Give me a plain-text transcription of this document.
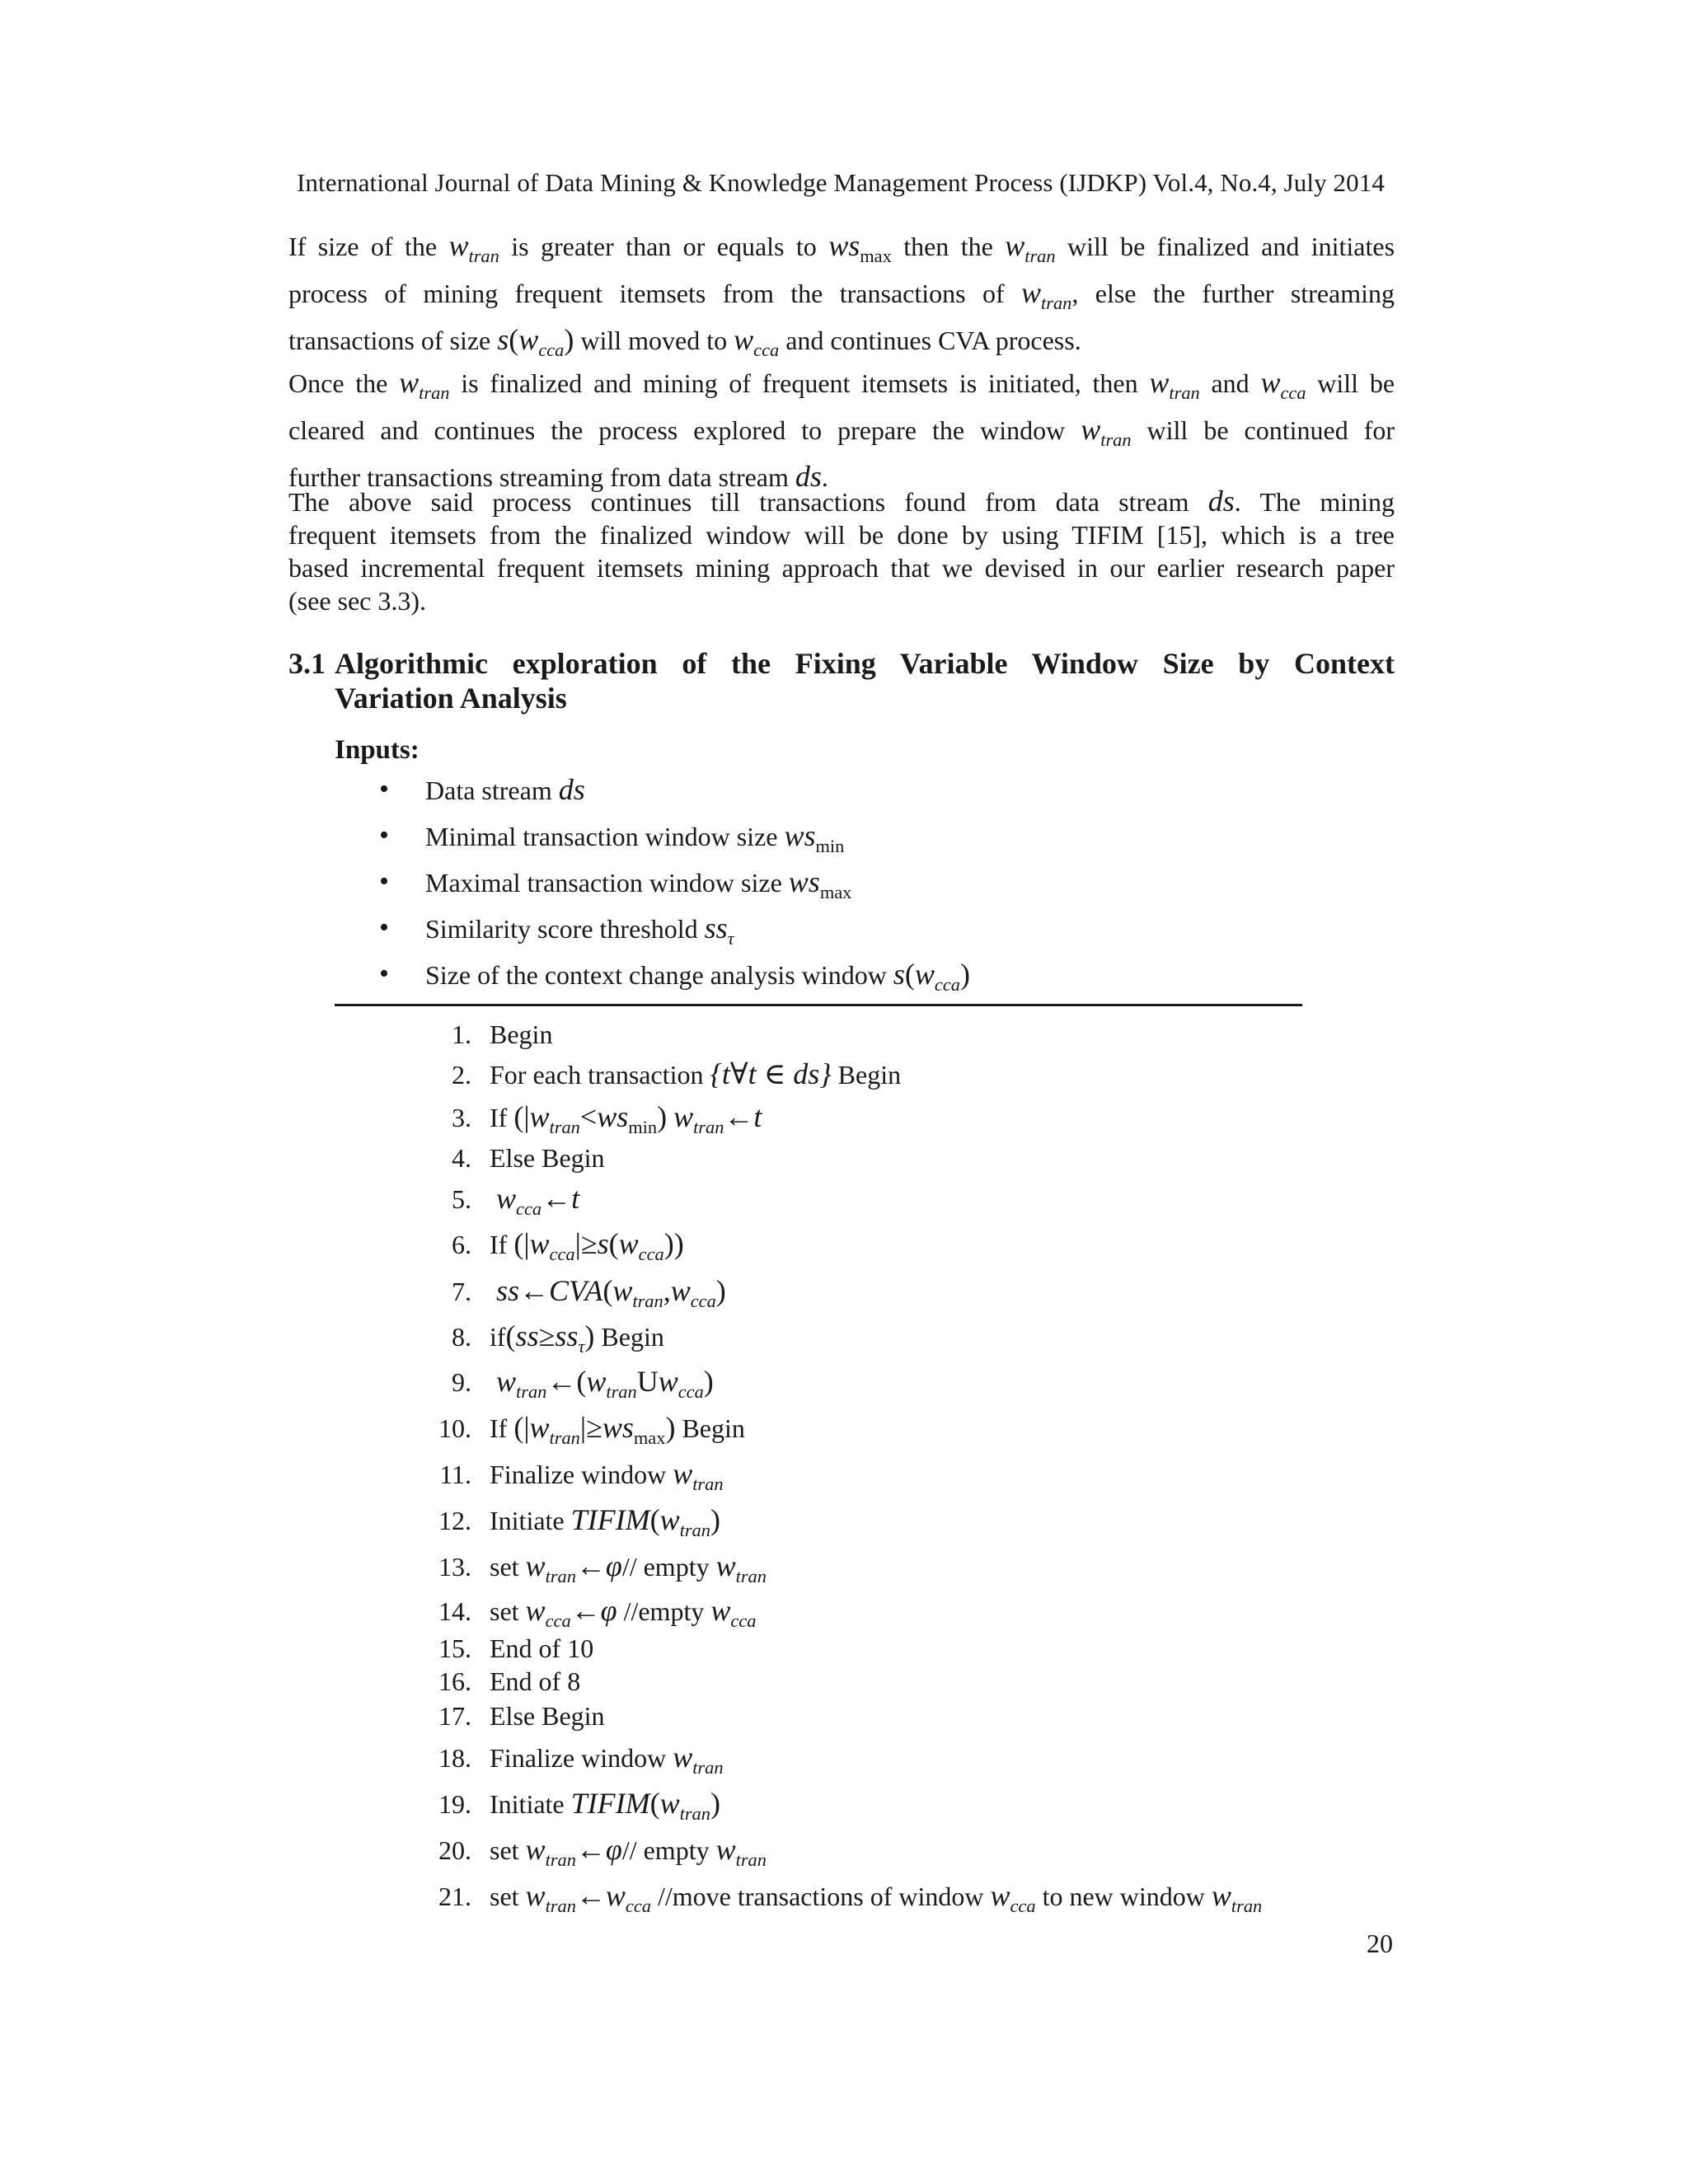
International Journal of Data Mining & Knowledge Management Process (IJDKP) Vol.4, No.4, July 2014
If size of the $w_{tran}$ is greater than or equals to $ws_{max}$ then the $w_{tran}$ will be finalized and initiates
process of mining frequent itemsets from the transactions of $w_{tran}$, else the further streaming
transactions of size $s(w_{cca})$ will moved to $w_{cca}$ and continues CVA process.
Once the $w_{tran}$ is finalized and mining of frequent itemsets is initiated, then $w_{tran}$ and $w_{cca}$ will be
cleared and continues the process explored to prepare the window $w_{tran}$ will be continued for
further transactions streaming from data stream ds.
The above said process continues till transactions found from data stream ds. The mining
frequent itemsets from the finalized window will be done by using TIFIM [15], which is a tree
based incremental frequent itemsets mining approach that we devised in our earlier research paper
(see sec 3.3).
3.1 Algorithmic exploration of the Fixing Variable Window Size by Context
Variation Analysis
Inputs:
• Data stream ds
• Minimal transaction window size $ws_{min}$
• Maximal transaction window size $ws_{max}$
• Similarity score threshold $ss_\tau$
• Size of the context change analysis window $s(w_{cca})$
1. Begin
2. For each transaction {t∀t ∈ ds} Begin
3. If $(|w_{tran}<ws_{min})$ $w_{tran}\leftarrow t$
4. Else Begin
5. $w_{cca}\leftarrow t$
6. If $(|w_{cca}|\ge s(w_{cca}))$
7. $ss\leftarrow CVA(w_{tran},w_{cca})$
8. $if(ss\ge ss_\tau)$ Begin
9. $w_{tran}\leftarrow(w_{tran}Uw_{cca})$
10. If $(|w_{tran}|\ge ws_{max})$ Begin
11. Finalize window $w_{tran}$
12. Initiate $TIFIM(w_{tran})$
13. set $w_{tran}\leftarrow\varphi//$ empty $w_{tran}$
14. set $w_{cca}\leftarrow\varphi$ //empty $w_{cca}$
15. End of 10
16. End of 8
17. Else Begin
18. Finalize window $w_{tran}$
19. Initiate $TIFIM(w_{tran})$
20. set $w_{tran}\leftarrow\varphi//$ empty $w_{tran}$
21. set $w_{tran}\leftarrow w_{cca}$ //move transactions of window $w_{cca}$ to new window $w_{tran}$
20
